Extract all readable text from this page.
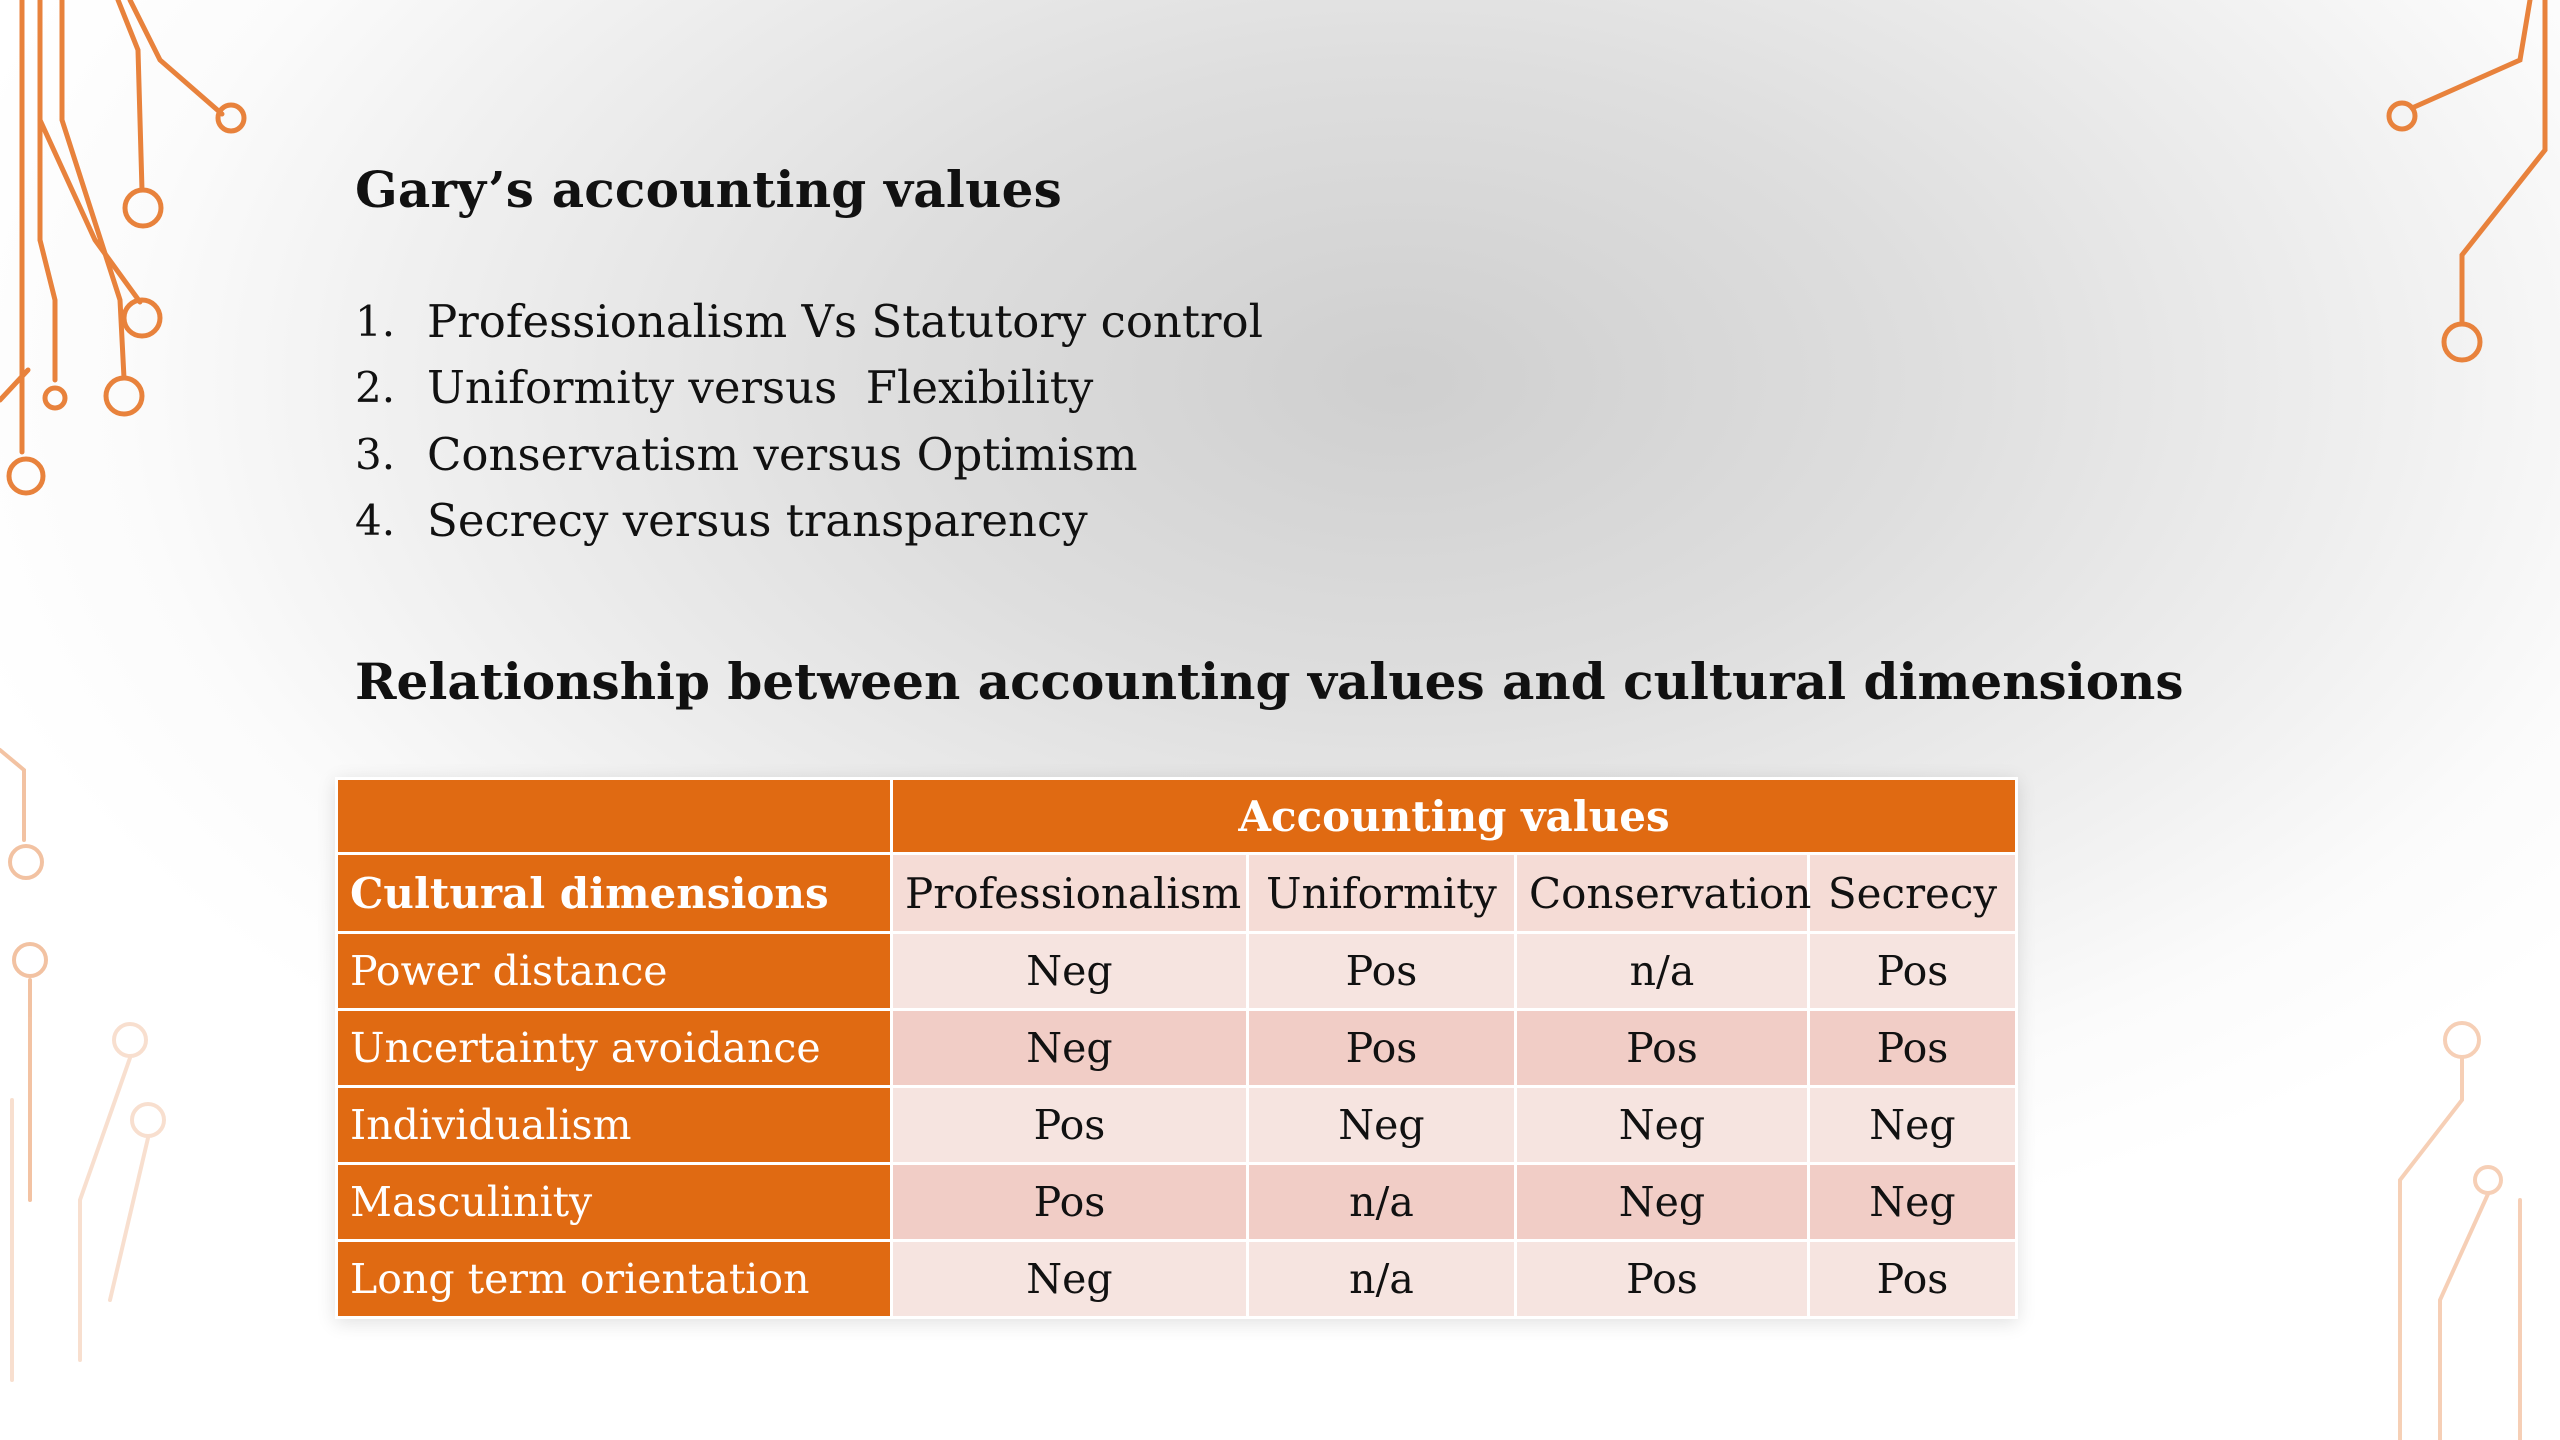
Gary’s accounting values
1. Professionalism Vs Statutory control
2. Uniformity versus  Flexibility
3. Conservatism versus Optimism
4. Secrecy versus transparency
Relationship between accounting values and cultural dimensions
	Accounting values			
Cultural dimensions	Professionalism	Uniformity	Conservation	Secrecy
Power distance	Neg	Pos	n/a	Pos
Uncertainty avoidance	Neg	Pos	Pos	Pos
Individualism	Pos	Neg	Neg	Neg
Masculinity	Pos	n/a	Neg	Neg
Long term orientation	Neg	n/a	Pos	Pos
